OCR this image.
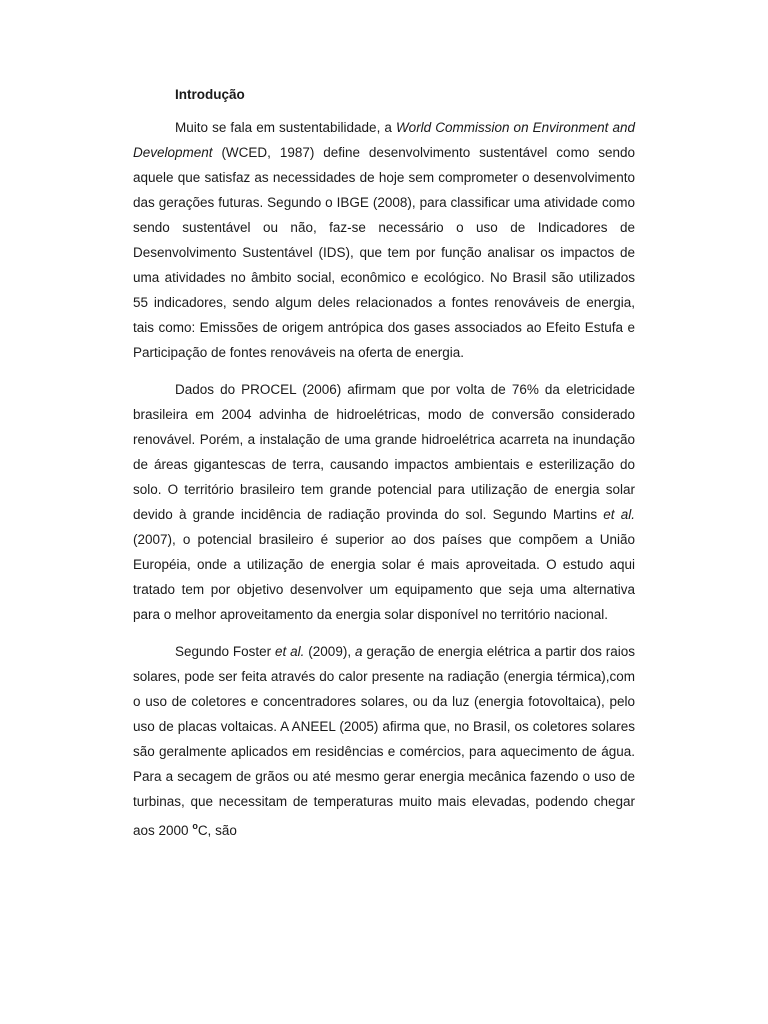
Introdução

Muito se fala em sustentabilidade, a World Commission on Environment and Development (WCED, 1987) define desenvolvimento sustentável como sendo aquele que satisfaz as necessidades de hoje sem comprometer o desenvolvimento das gerações futuras. Segundo o IBGE (2008), para classificar uma atividade como sendo sustentável ou não, faz-se necessário o uso de Indicadores de Desenvolvimento Sustentável (IDS), que tem por função analisar os impactos de uma atividades no âmbito social, econômico e ecológico. No Brasil são utilizados 55 indicadores, sendo algum deles relacionados a fontes renováveis de energia, tais como: Emissões de origem antrópica dos gases associados ao Efeito Estufa e Participação de fontes renováveis na oferta de energia.

Dados do PROCEL (2006) afirmam que por volta de 76% da eletricidade brasileira em 2004 advinha de hidroelétricas, modo de conversão considerado renovável. Porém, a instalação de uma grande hidroelétrica acarreta na inundação de áreas gigantescas de terra, causando impactos ambientais e esterilização do solo. O território brasileiro tem grande potencial para utilização de energia solar devido à grande incidência de radiação provinda do sol. Segundo Martins et al. (2007), o potencial brasileiro é superior ao dos países que compõem a União Européia, onde a utilização de energia solar é mais aproveitada. O estudo aqui tratado tem por objetivo desenvolver um equipamento que seja uma alternativa para o melhor aproveitamento da energia solar disponível no território nacional.

Segundo Foster et al. (2009), a geração de energia elétrica a partir dos raios solares, pode ser feita através do calor presente na radiação (energia térmica),com o uso de coletores e concentradores solares, ou da luz (energia fotovoltaica), pelo uso de placas voltaicas. A ANEEL (2005) afirma que, no Brasil, os coletores solares são geralmente aplicados em residências e comércios, para aquecimento de água. Para a secagem de grãos ou até mesmo gerar energia mecânica fazendo o uso de turbinas, que necessitam de temperaturas muito mais elevadas, podendo chegar aos 2000 $^o$C, são
